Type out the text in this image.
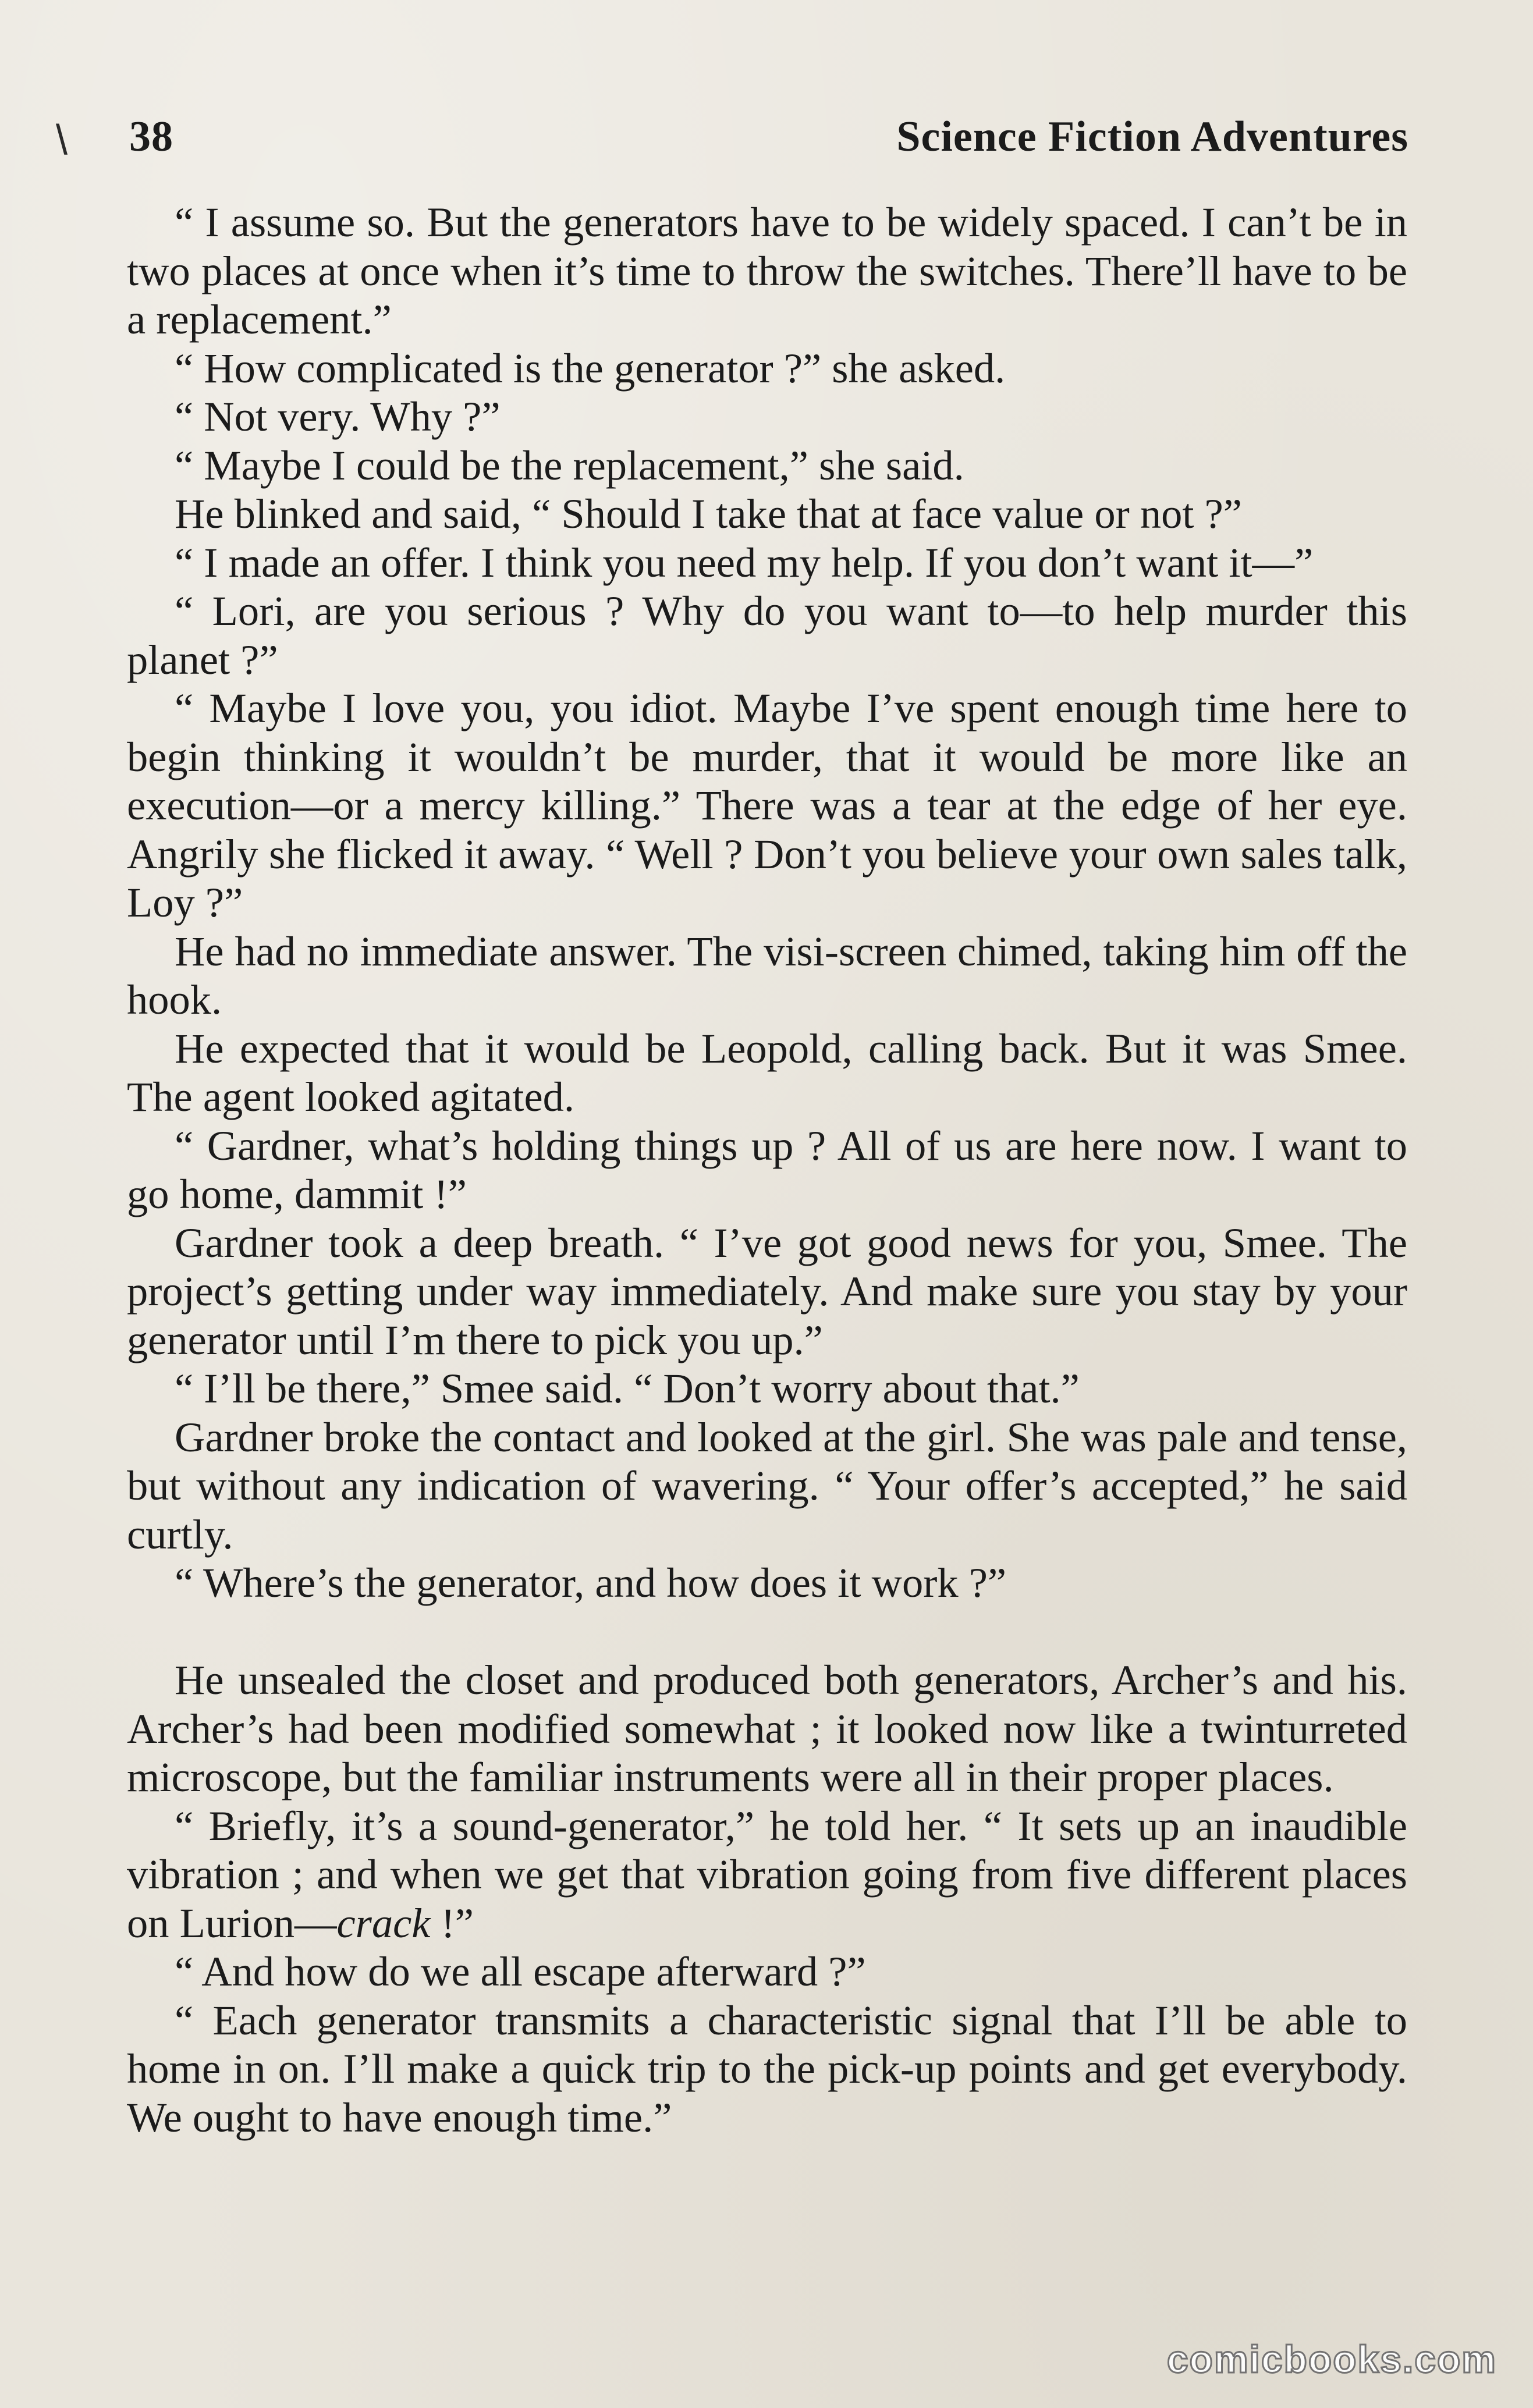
\ 38	Science Fiction Adventures

“ I assume so. But the generators have to be widely spaced. I can’t be in two places at once when it’s time to throw the switches. There’ll have to be a replacement.”

“ How complicated is the generator ?” she asked.

“ Not very. Why ?”

“ Maybe I could be the replacement,” she said.

He blinked and said, “ Should I take that at face value or not ?”

“ I made an offer. I think you need my help. If you don’t want it—”

“ Lori, are you serious ? Why do you want to—to help murder this planet ?”

“ Maybe I love you, you idiot. Maybe I’ve spent enough time here to begin thinking it wouldn’t be murder, that it would be more like an execution—or a mercy killing.” There was a tear at the edge of her eye. Angrily she flicked it away. “ Well ? Don’t you believe your own sales talk, Loy ?”

He had no immediate answer. The visi-screen chimed, taking him off the hook.

He expected that it would be Leopold, calling back. But it was Smee. The agent looked agitated.

“ Gardner, what’s holding things up ? All of us are here now. I want to go home, dammit !”

Gardner took a deep breath. “ I’ve got good news for you, Smee. The project’s getting under way immediately. And make sure you stay by your generator until I’m there to pick you up.”

“ I’ll be there,” Smee said. “ Don’t worry about that.”

Gardner broke the contact and looked at the girl. She was pale and tense, but without any indication of wavering. “ Your offer’s accepted,” he said curtly.

“ Where’s the generator, and how does it work ?”

He unsealed the closet and produced both generators, Archer’s and his. Archer’s had been modified somewhat ; it looked now like a twinturreted microscope, but the familiar instruments were all in their proper places.

“ Briefly, it’s a sound-generator,” he told her. “ It sets up an inaudible vibration ; and when we get that vibration going from five different places on Lurion—crack !”

“ And how do we all escape afterward ?”

“ Each generator transmits a characteristic signal that I’ll be able to home in on. I’ll make a quick trip to the pick-up points and get everybody. We ought to have enough time.”

comicbooks.com
